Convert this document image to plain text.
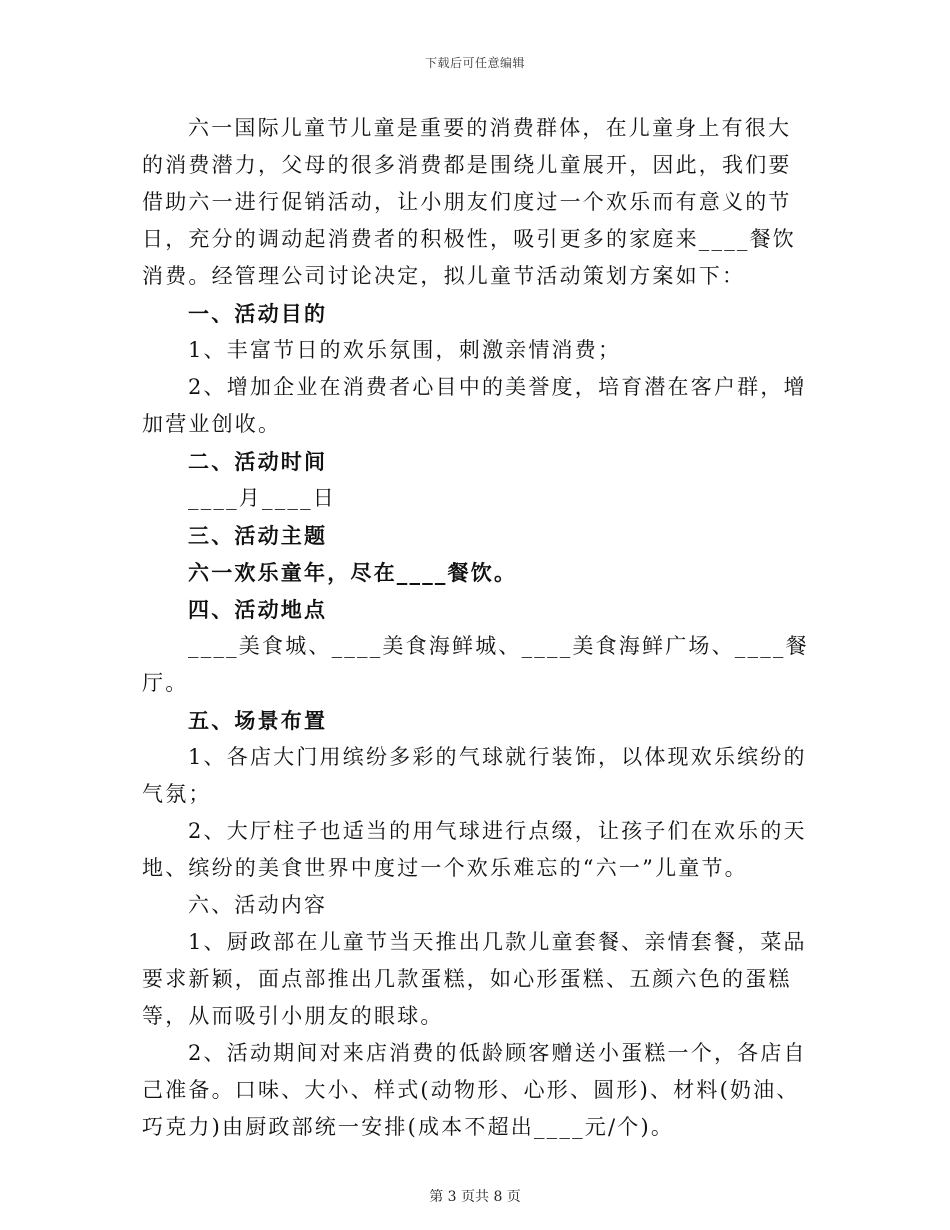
下载后可任意编辑

六一国际儿童节儿童是重要的消费群体，在儿童身上有很大的消费潜力，父母的很多消费都是围绕儿童展开，因此，我们要借助六一进行促销活动，让小朋友们度过一个欢乐而有意义的节日，充分的调动起消费者的积极性，吸引更多的家庭来____餐饮消费。经管理公司讨论决定，拟儿童节活动策划方案如下：

一、活动目的

1、丰富节日的欢乐氛围，刺激亲情消费；

2、增加企业在消费者心目中的美誉度，培育潜在客户群，增加营业创收。

二、活动时间

____月____日

三、活动主题

六一欢乐童年，尽在____餐饮。

四、活动地点

____美食城、____美食海鲜城、____美食海鲜广场、____餐厅。

五、场景布置

1、各店大门用缤纷多彩的气球就行装饰，以体现欢乐缤纷的气氛；

2、大厅柱子也适当的用气球进行点缀，让孩子们在欢乐的天地、缤纷的美食世界中度过一个欢乐难忘的“六一”儿童节。

六、活动内容

1、厨政部在儿童节当天推出几款儿童套餐、亲情套餐，菜品要求新颖，面点部推出几款蛋糕，如心形蛋糕、五颜六色的蛋糕等，从而吸引小朋友的眼球。

2、活动期间对来店消费的低龄顾客赠送小蛋糕一个，各店自己准备。口味、大小、样式(动物形、心形、圆形)、材料(奶油、巧克力)由厨政部统一安排(成本不超出____元/个)。

第 3 页共 8 页
